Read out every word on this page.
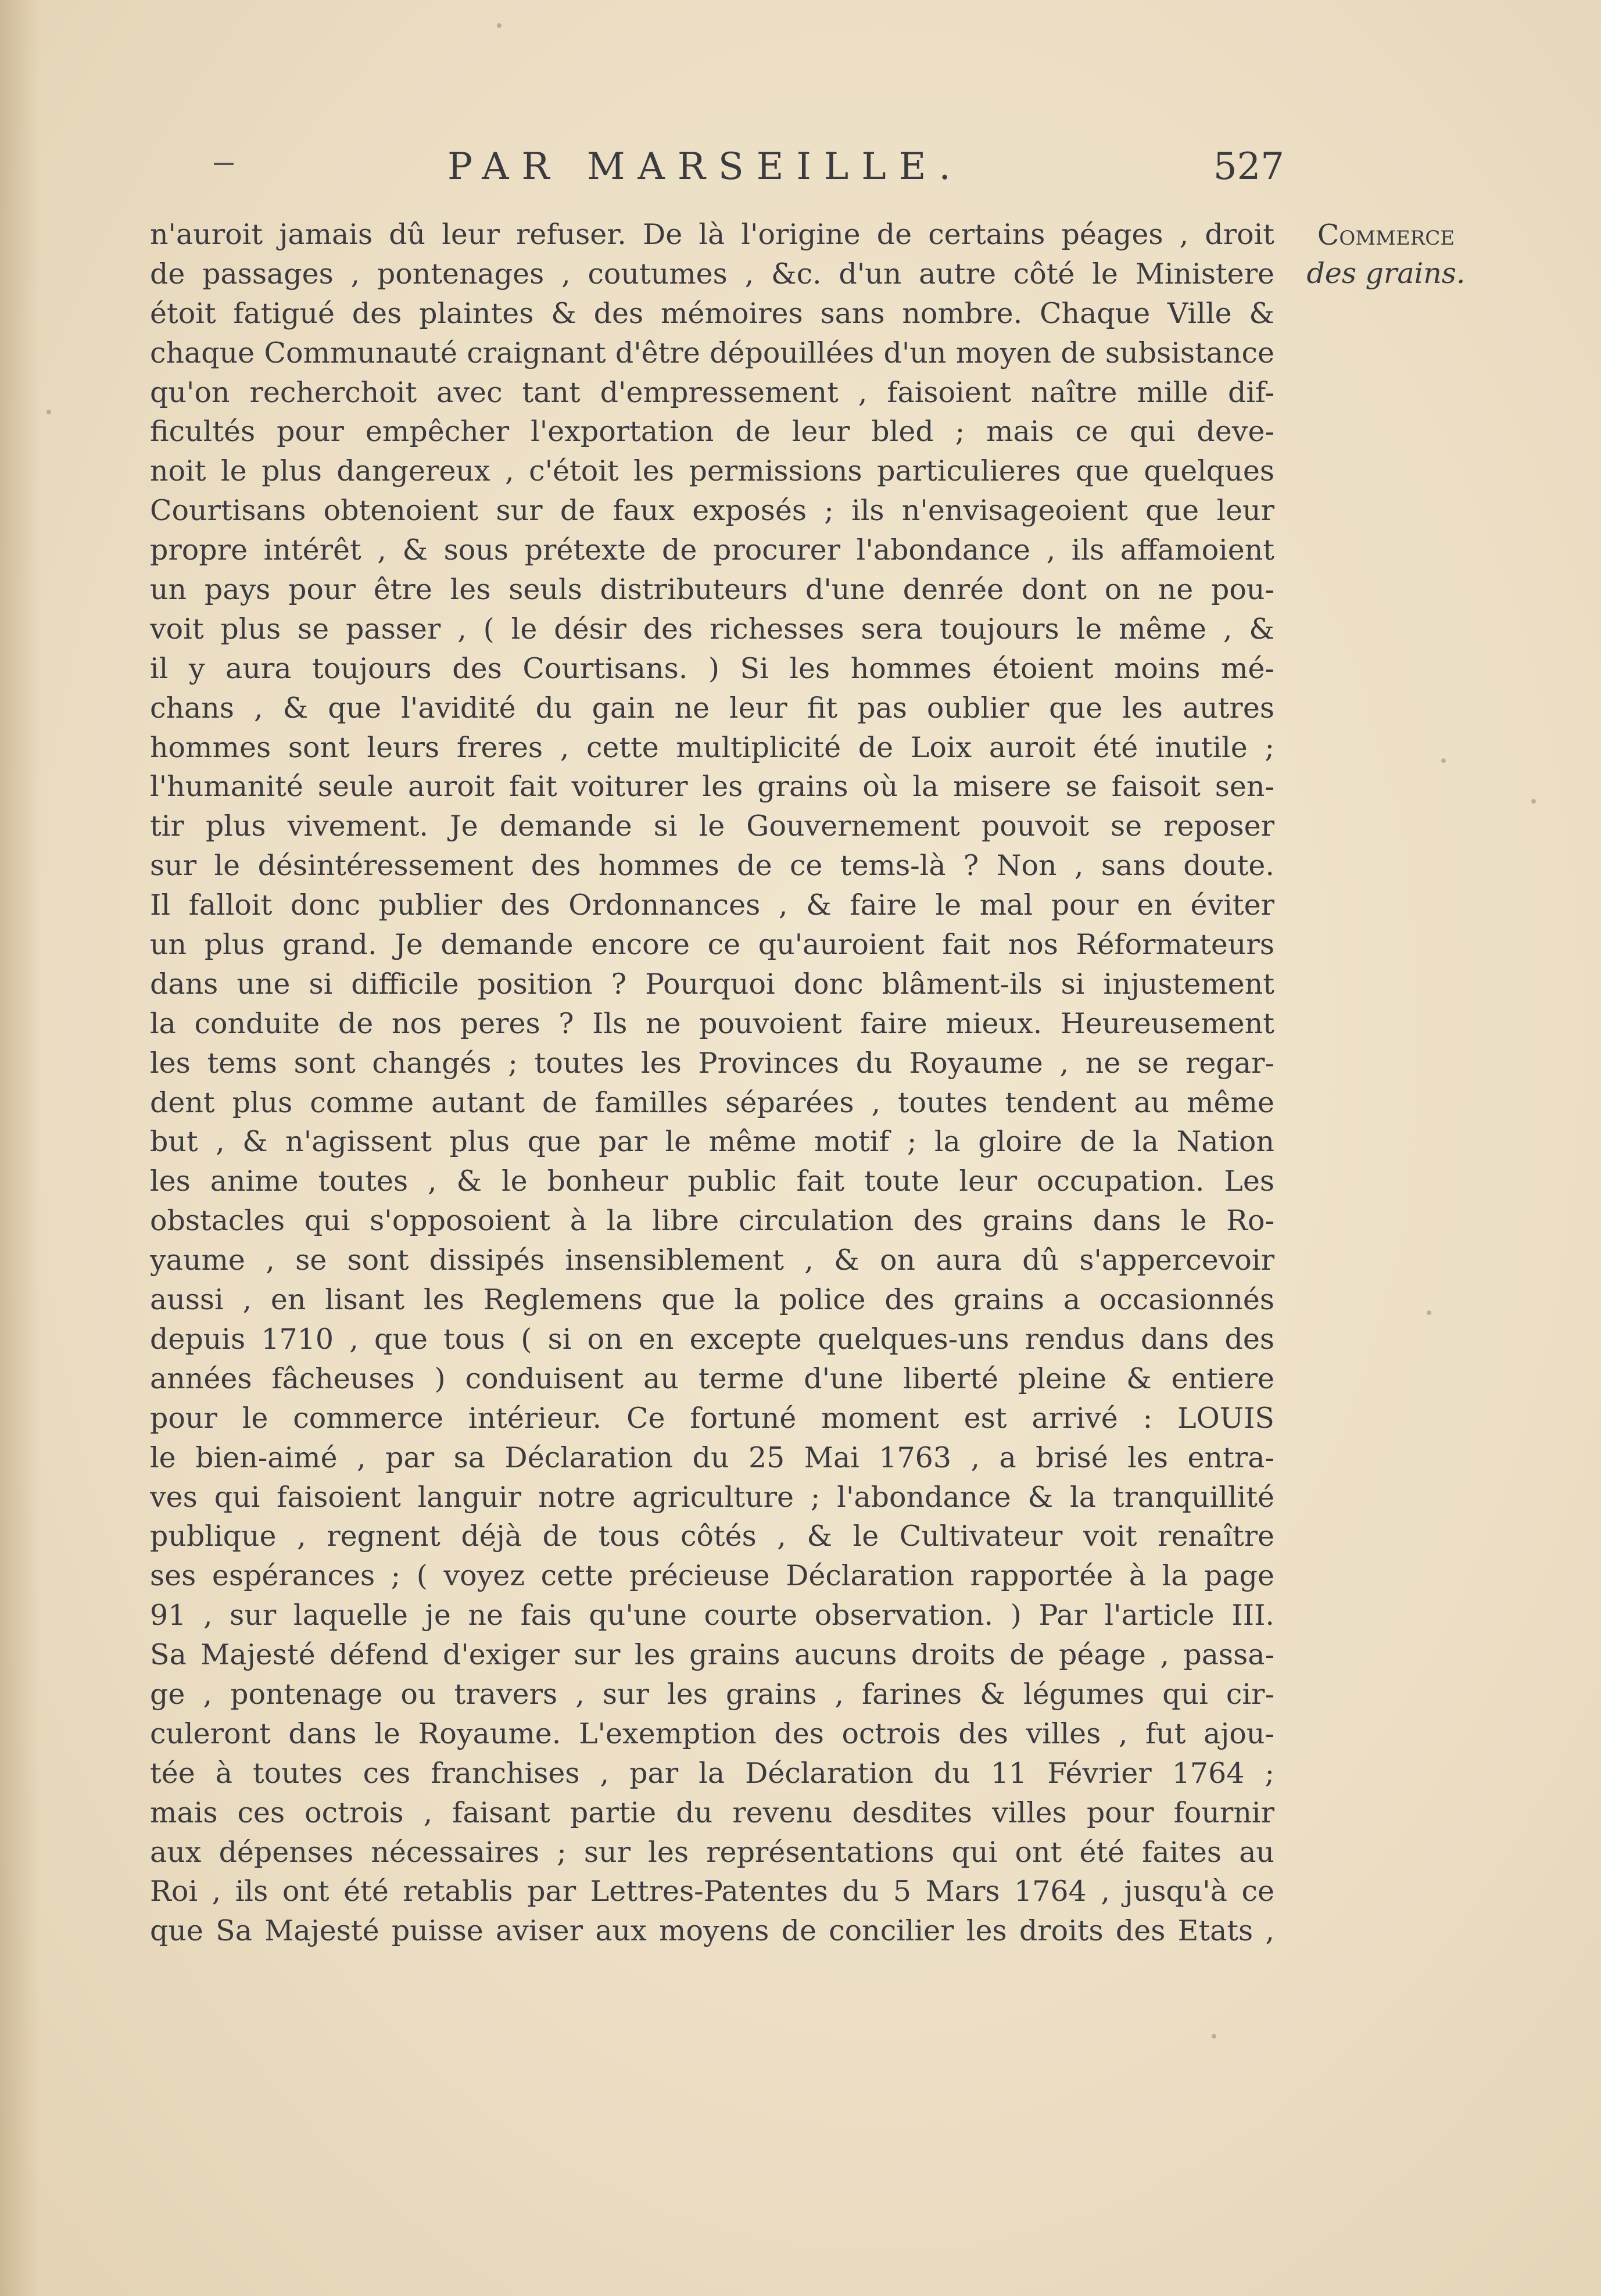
PAR MARSEILLE.	527
Commerce
des grains.
n'auroit jamais dû leur refuser. De là l'origine de certains péages , droit
de passages , pontenages , coutumes , &c. d'un autre côté le Ministere
étoit fatigué des plaintes & des mémoires sans nombre. Chaque Ville &
chaque Communauté craignant d'être dépouillées d'un moyen de subsistance
qu'on recherchoit avec tant d'empressement , faisoient naître mille dif-
ficultés pour empêcher l'exportation de leur bled ; mais ce qui deve-
noit le plus dangereux , c'étoit les permissions particulieres que quelques
Courtisans obtenoient sur de faux exposés ; ils n'envisageoient que leur
propre intérêt , & sous prétexte de procurer l'abondance , ils affamoient
un pays pour être les seuls distributeurs d'une denrée dont on ne pou-
voit plus se passer , ( le désir des richesses sera toujours le même , &
il y aura toujours des Courtisans. ) Si les hommes étoient moins mé-
chans , & que l'avidité du gain ne leur fit pas oublier que les autres
hommes sont leurs freres , cette multiplicité de Loix auroit été inutile ;
l'humanité seule auroit fait voiturer les grains où la misere se faisoit sen-
tir plus vivement. Je demande si le Gouvernement pouvoit se reposer
sur le désintéressement des hommes de ce tems-là ? Non , sans doute.
Il falloit donc publier des Ordonnances , & faire le mal pour en éviter
un plus grand. Je demande encore ce qu'auroient fait nos Réformateurs
dans une si difficile position ? Pourquoi donc blâment-ils si injustement
la conduite de nos peres ? Ils ne pouvoient faire mieux. Heureusement
les tems sont changés ; toutes les Provinces du Royaume , ne se regar-
dent plus comme autant de familles séparées , toutes tendent au même
but , & n'agissent plus que par le même motif ; la gloire de la Nation
les anime toutes , & le bonheur public fait toute leur occupation. Les
obstacles qui s'opposoient à la libre circulation des grains dans le Ro-
yaume , se sont dissipés insensiblement , & on aura dû s'appercevoir
aussi , en lisant les Reglemens que la police des grains a occasionnés
depuis 1710 , que tous ( si on en excepte quelques-uns rendus dans des
années fâcheuses ) conduisent au terme d'une liberté pleine & entiere
pour le commerce intérieur. Ce fortuné moment est arrivé : LOUIS
le bien-aimé , par sa Déclaration du 25 Mai 1763 , a brisé les entra-
ves qui faisoient languir notre agriculture ; l'abondance & la tranquillité
publique , regnent déjà de tous côtés , & le Cultivateur voit renaître
ses espérances ; ( voyez cette précieuse Déclaration rapportée à la page
91 , sur laquelle je ne fais qu'une courte observation. ) Par l'article III.
Sa Majesté défend d'exiger sur les grains aucuns droits de péage , passa-
ge , pontenage ou travers , sur les grains , farines & légumes qui cir-
culeront dans le Royaume. L'exemption des octrois des villes , fut ajou-
tée à toutes ces franchises , par la Déclaration du 11 Février 1764 ;
mais ces octrois , faisant partie du revenu desdites villes pour fournir
aux dépenses nécessaires ; sur les représentations qui ont été faites au
Roi , ils ont été retablis par Lettres-Patentes du 5 Mars 1764 , jusqu'à ce
que Sa Majesté puisse aviser aux moyens de concilier les droits des Etats ,
